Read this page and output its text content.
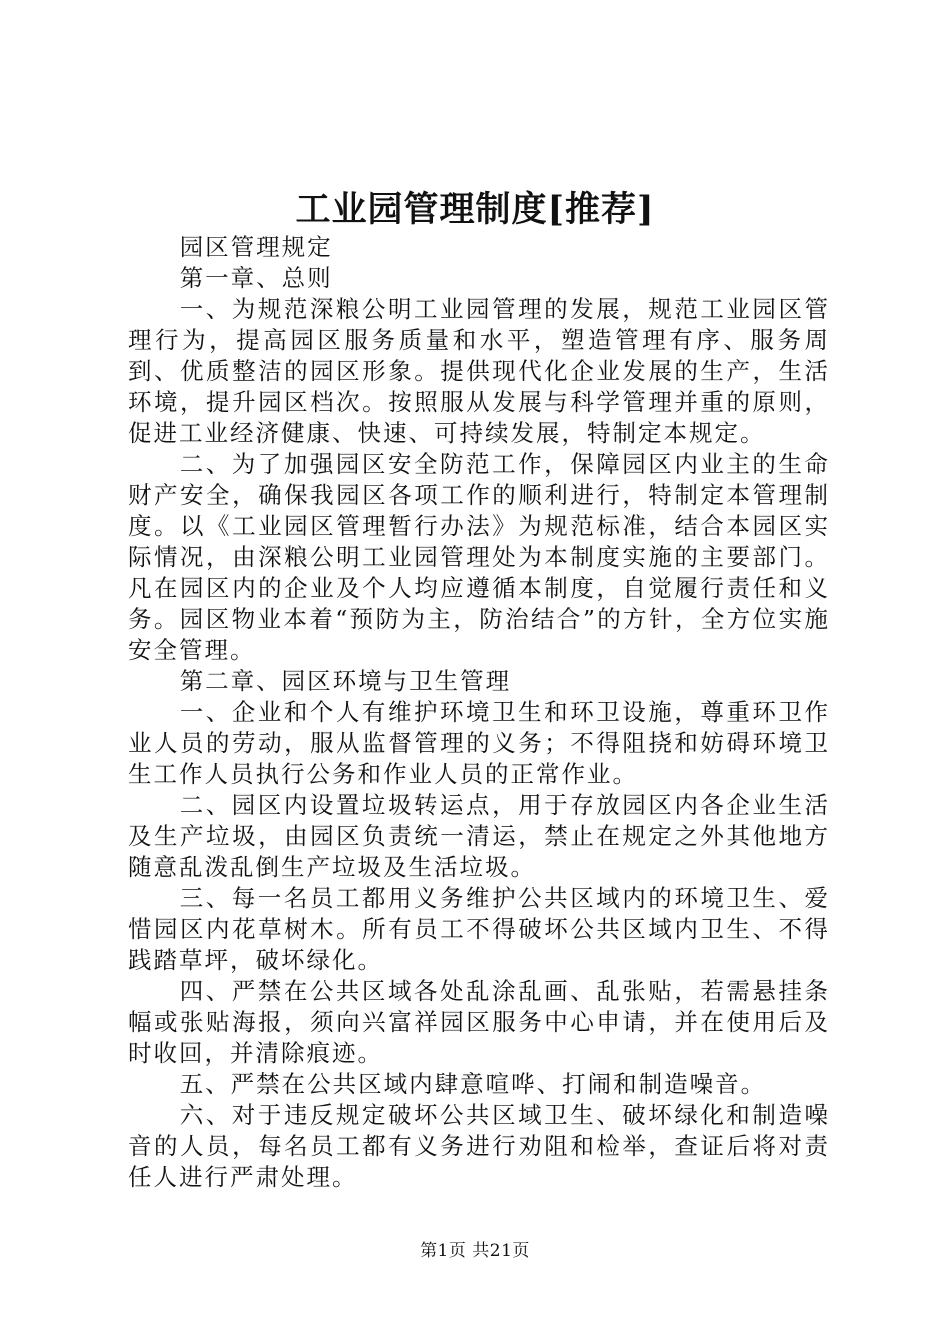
工业园管理制度[推荐]

园区管理规定

第一章、总则

一、为规范深粮公明工业园管理的发展，规范工业园区管理行为，提高园区服务质量和水平，塑造管理有序、服务周到、优质整洁的园区形象。提供现代化企业发展的生产，生活环境，提升园区档次。按照服从发展与科学管理并重的原则，促进工业经济健康、快速、可持续发展，特制定本规定。

二、为了加强园区安全防范工作，保障园区内业主的生命财产安全，确保我园区各项工作的顺利进行，特制定本管理制度。以《工业园区管理暂行办法》为规范标准，结合本园区实际情况，由深粮公明工业园管理处为本制度实施的主要部门。凡在园区内的企业及个人均应遵循本制度，自觉履行责任和义务。园区物业本着“预防为主，防治结合”的方针，全方位实施安全管理。

第二章、园区环境与卫生管理

一、企业和个人有维护环境卫生和环卫设施，尊重环卫作业人员的劳动，服从监督管理的义务；不得阻挠和妨碍环境卫生工作人员执行公务和作业人员的正常作业。

二、园区内设置垃圾转运点，用于存放园区内各企业生活及生产垃圾，由园区负责统一清运，禁止在规定之外其他地方随意乱泼乱倒生产垃圾及生活垃圾。

三、每一名员工都用义务维护公共区域内的环境卫生、爱惜园区内花草树木。所有员工不得破坏公共区域内卫生、不得践踏草坪，破坏绿化。

四、严禁在公共区域各处乱涂乱画、乱张贴，若需悬挂条幅或张贴海报，须向兴富祥园区服务中心申请，并在使用后及时收回，并清除痕迹。

五、严禁在公共区域内肆意喧哗、打闹和制造噪音。

六、对于违反规定破坏公共区域卫生、破坏绿化和制造噪音的人员，每名员工都有义务进行劝阻和检举，查证后将对责任人进行严肃处理。

第1页 共21页
